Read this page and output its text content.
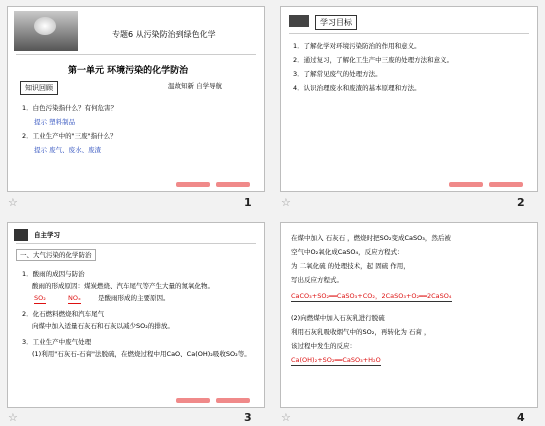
专题6 从污染防治到绿色化学
第一单元 环境污染的化学防治
知识回顾	温故知新 自学导航
1．白色污染指什么？有何危害？
提示 塑料制品
2．工业生产中的"三废"指什么？
提示 废气、废水、废渣
☆	1
学习目标
1．了解化学对环境污染防治的作用和意义。
2．通过复习，了解化工生产中三废的处理方法和意义。
3．了解常见废气的处理方法。
4．认识治理废水和废渣的基本原理和方法。
☆	2
自主学习
一、大气污染的化学防治
1．酸雨的成因与防治
酸雨的形成原因：煤炭燃烧、汽车尾气等产生大量的氮氧化物。
SO₂	NOₓ	是酸雨形成的主要原因。
2．化石燃料燃烧和汽车尾气
向煤中加入适量石灰石和石灰以减少SO₂的排放。
3．工业生产中废气处理
(1)利用"石灰石-石膏"法脱硫，在燃烧过程中用CaO、Ca(OH)₂吸收SO₂等。
☆	3
在煤中加入 石灰石 ，燃烧时把SO₂变成CaSO₃，然后被
空气中O₂氧化成CaSO₄，反应方程式：
为 二氧化硫 的处理技术，起 固硫 作用，
写出反应方程式。
CaCO₃+SO₂══CaSO₃+CO₂，2CaSO₃+O₂══2CaSO₄
(2)向燃煤中加入石灰乳进行脱硫
利用石灰乳吸收烟气中的SO₂，再转化为 石膏 ，
该过程中发生的反应：
Ca(OH)₂+SO₂══CaSO₃+H₂O
☆	4
